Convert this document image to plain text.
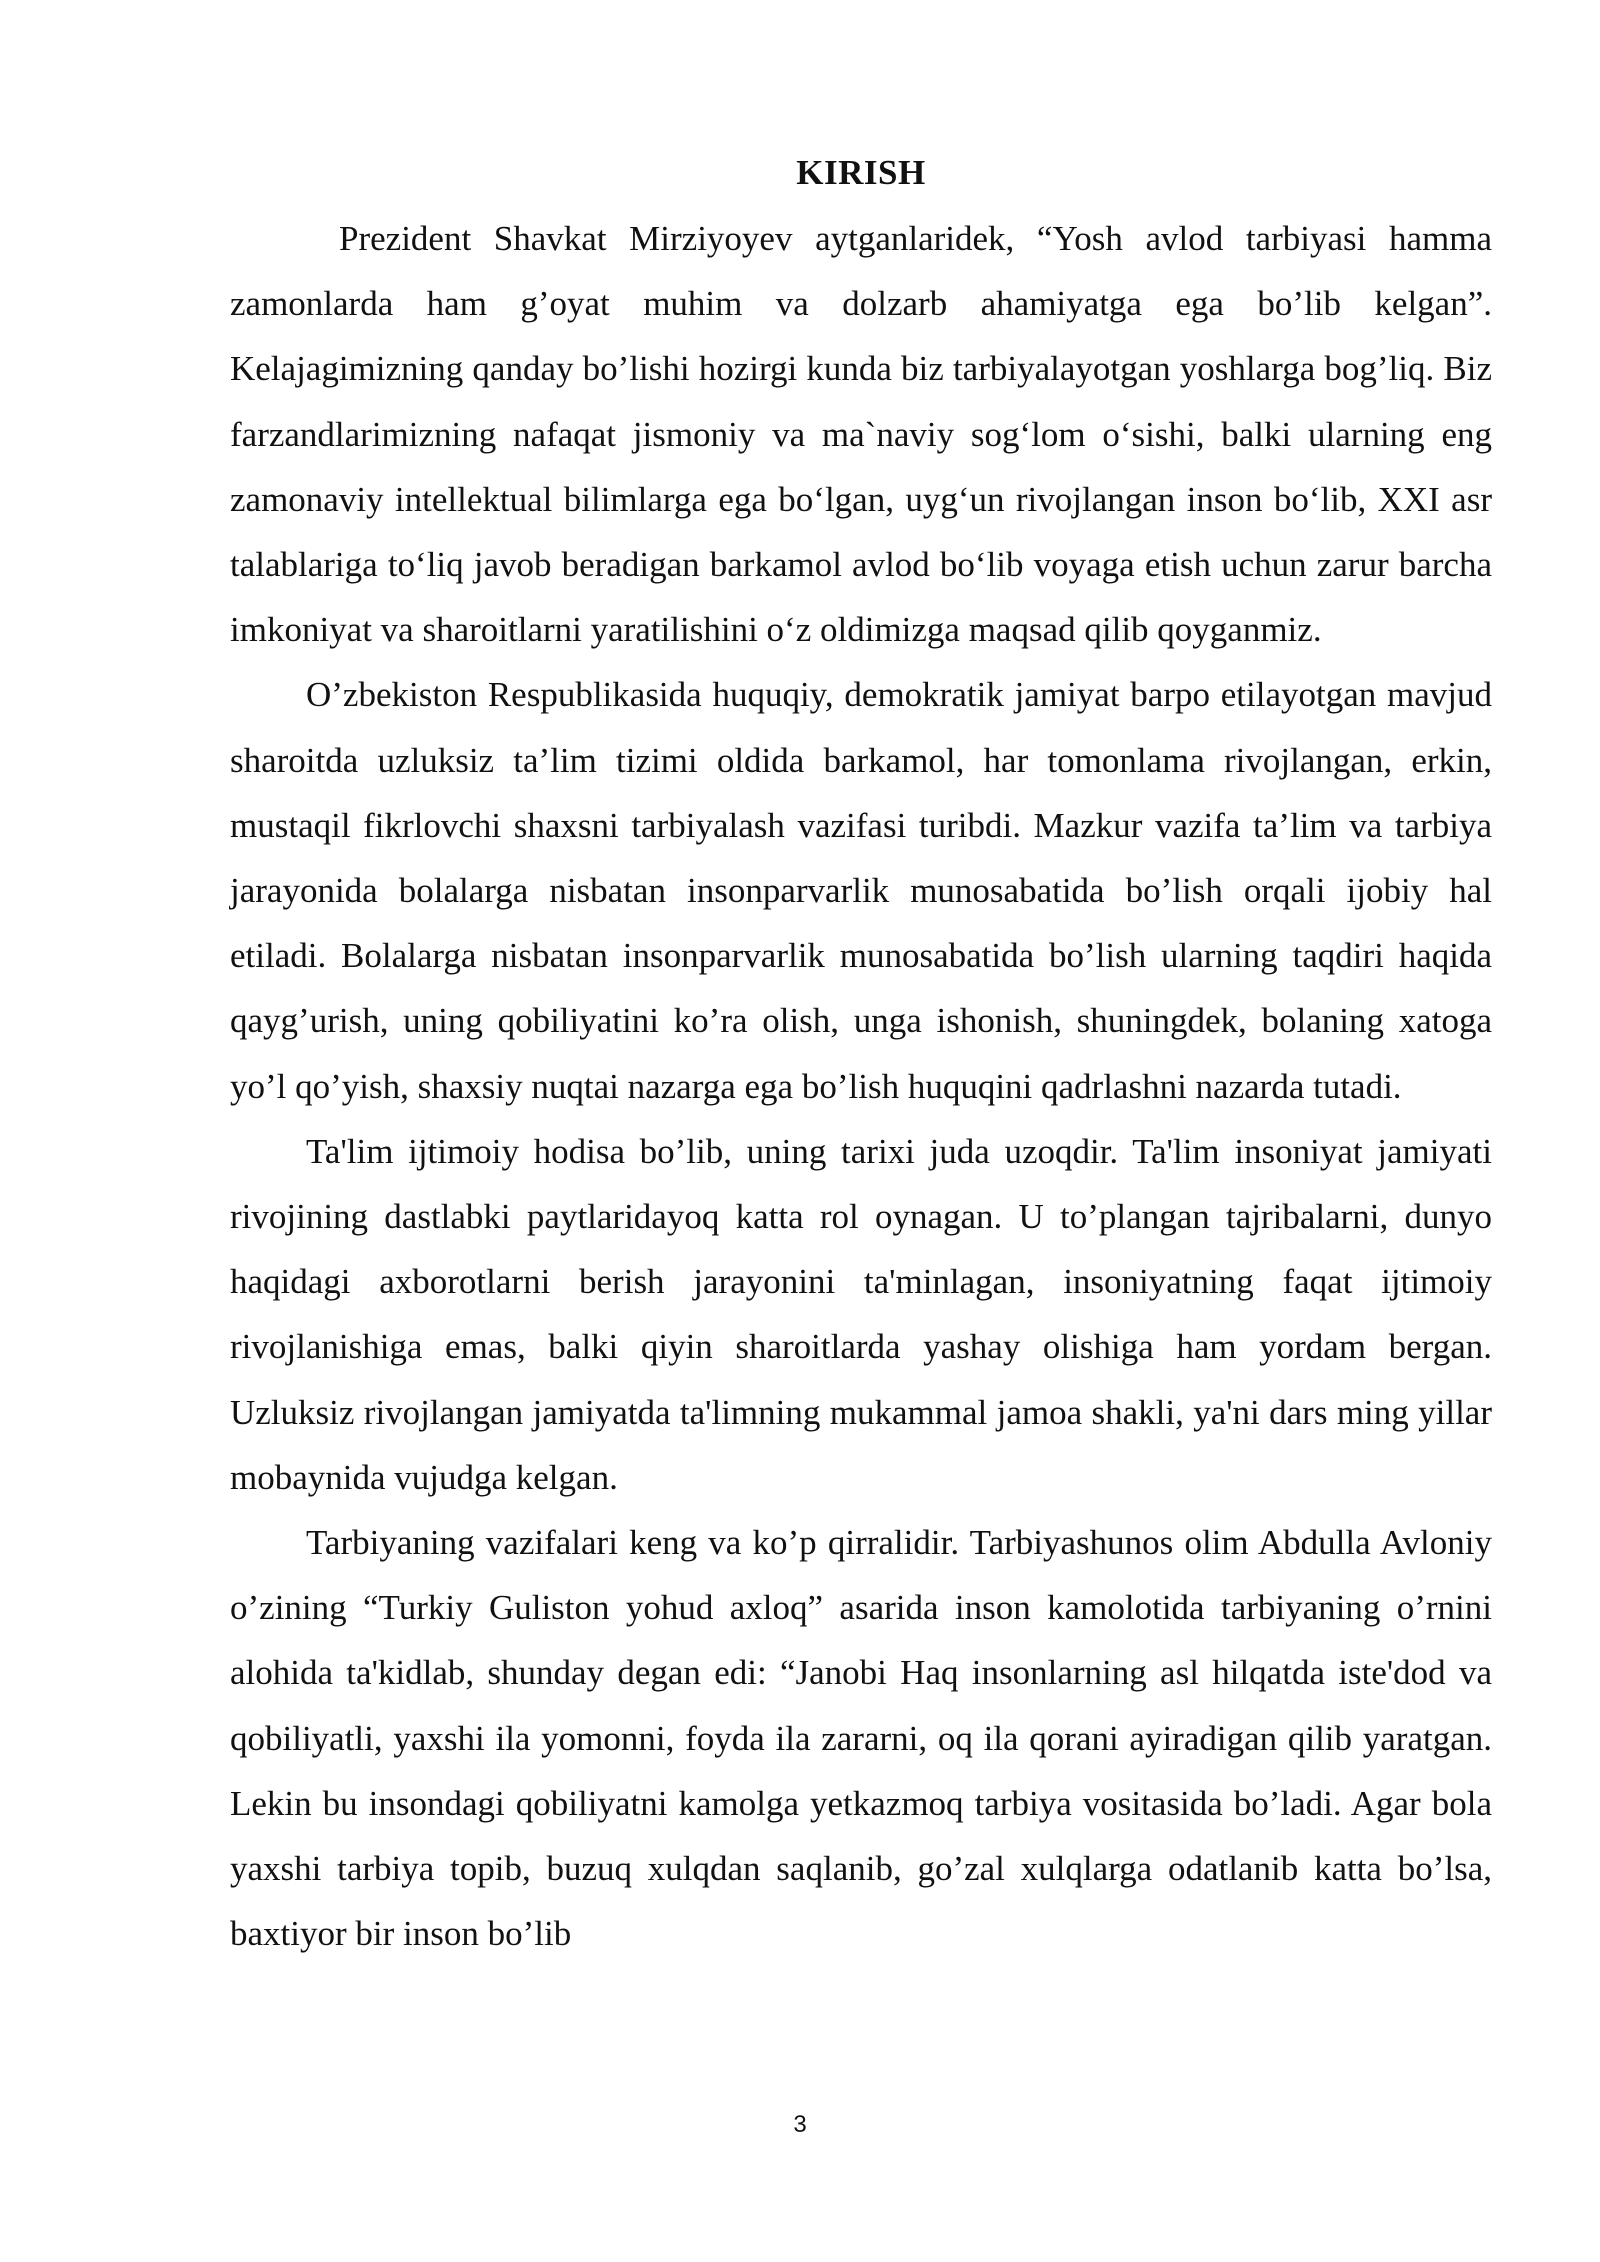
KIRISH

Prezident Shavkat Mirziyoyev aytganlaridek, “Yosh avlod tarbiyasi hamma zamonlarda ham g’oyat muhim va dolzarb ahamiyatga ega bo’lib kelgan”. Kelajagimizning qanday bo’lishi hozirgi kunda biz tarbiyalayotgan yoshlarga bog’liq. Biz farzandlarimizning nafaqat jismoniy va ma`naviy sog‘lom o‘sishi, balki ularning eng zamonaviy intellektual bilimlarga ega bo‘lgan, uyg‘un rivojlangan inson bo‘lib, XXI asr talablariga to‘liq javob beradigan barkamol avlod bo‘lib voyaga etish uchun zarur barcha imkoniyat va sharoitlarni yaratilishini o‘z oldimizga maqsad qilib qoyganmiz.

O’zbekiston Respublikasida huquqiy, demokratik jamiyat barpo etilayotgan mavjud sharoitda uzluksiz ta’lim tizimi oldida barkamol, har tomonlama rivojlangan, erkin, mustaqil fikrlovchi shaxsni tarbiyalash vazifasi turibdi. Mazkur vazifa ta’lim va tarbiya jarayonida bolalarga nisbatan insonparvarlik munosabatida bo’lish orqali ijobiy hal etiladi. Bolalarga nisbatan insonparvarlik munosabatida bo’lish ularning taqdiri haqida qayg’urish, uning qobiliyatini ko’ra olish, unga ishonish, shuningdek, bolaning xatoga yo’l qo’yish, shaxsiy nuqtai nazarga ega bo’lish huquqini qadrlashni nazarda tutadi.

Ta'lim ijtimoiy hodisa bo’lib, uning tarixi juda uzoqdir. Ta'lim insoniyat jamiyati rivojining dastlabki paytlaridayoq katta rol oynagan. U to’plangan tajribalarni, dunyo haqidagi axborotlarni berish jarayonini ta'minlagan, insoniyatning faqat ijtimoiy rivojlanishiga emas, balki qiyin sharoitlarda yashay olishiga ham yordam bergan. Uzluksiz rivojlangan jamiyatda ta'limning mukammal jamoa shakli, ya'ni dars ming yillar mobaynida vujudga kelgan.

Tarbiyaning vazifalari keng va ko’p qirralidir. Tarbiyashunos olim Abdulla Avloniy o’zining “Turkiy Guliston yohud axloq” asarida inson kamolotida tarbiyaning o’rnini alohida ta'kidlab, shunday degan edi: “Janobi Haq insonlarning asl hilqatda iste'dod va qobiliyatli, yaxshi ila yomonni, foyda ila zararni, oq ila qorani ayiradigan qilib yaratgan. Lekin bu insondagi qobiliyatni kamolga yetkazmoq tarbiya vositasida bo’ladi. Agar bola yaxshi tarbiya topib, buzuq xulqdan saqlanib, go’zal xulqlarga odatlanib katta bo’lsa, baxtiyor bir inson bo’lib

3
